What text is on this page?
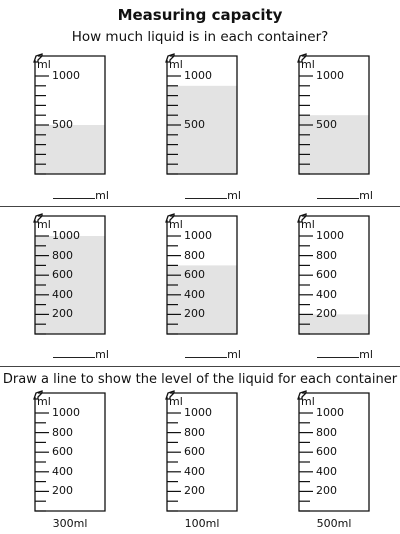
Measuring capacity
How much liquid is in each container?
ml
1000
500
ml
1000
500
ml
1000
500
ml	ml	ml
ml
1000
800
600
400
200
ml
1000
800
600
400
200
ml
1000
800
600
400
200
ml	ml	ml
Draw a line to show the level of the liquid for each container
ml
1000
800
600
400
200
ml
1000
800
600
400
200
ml
1000
800
600
400
200
300ml	100ml	500ml
